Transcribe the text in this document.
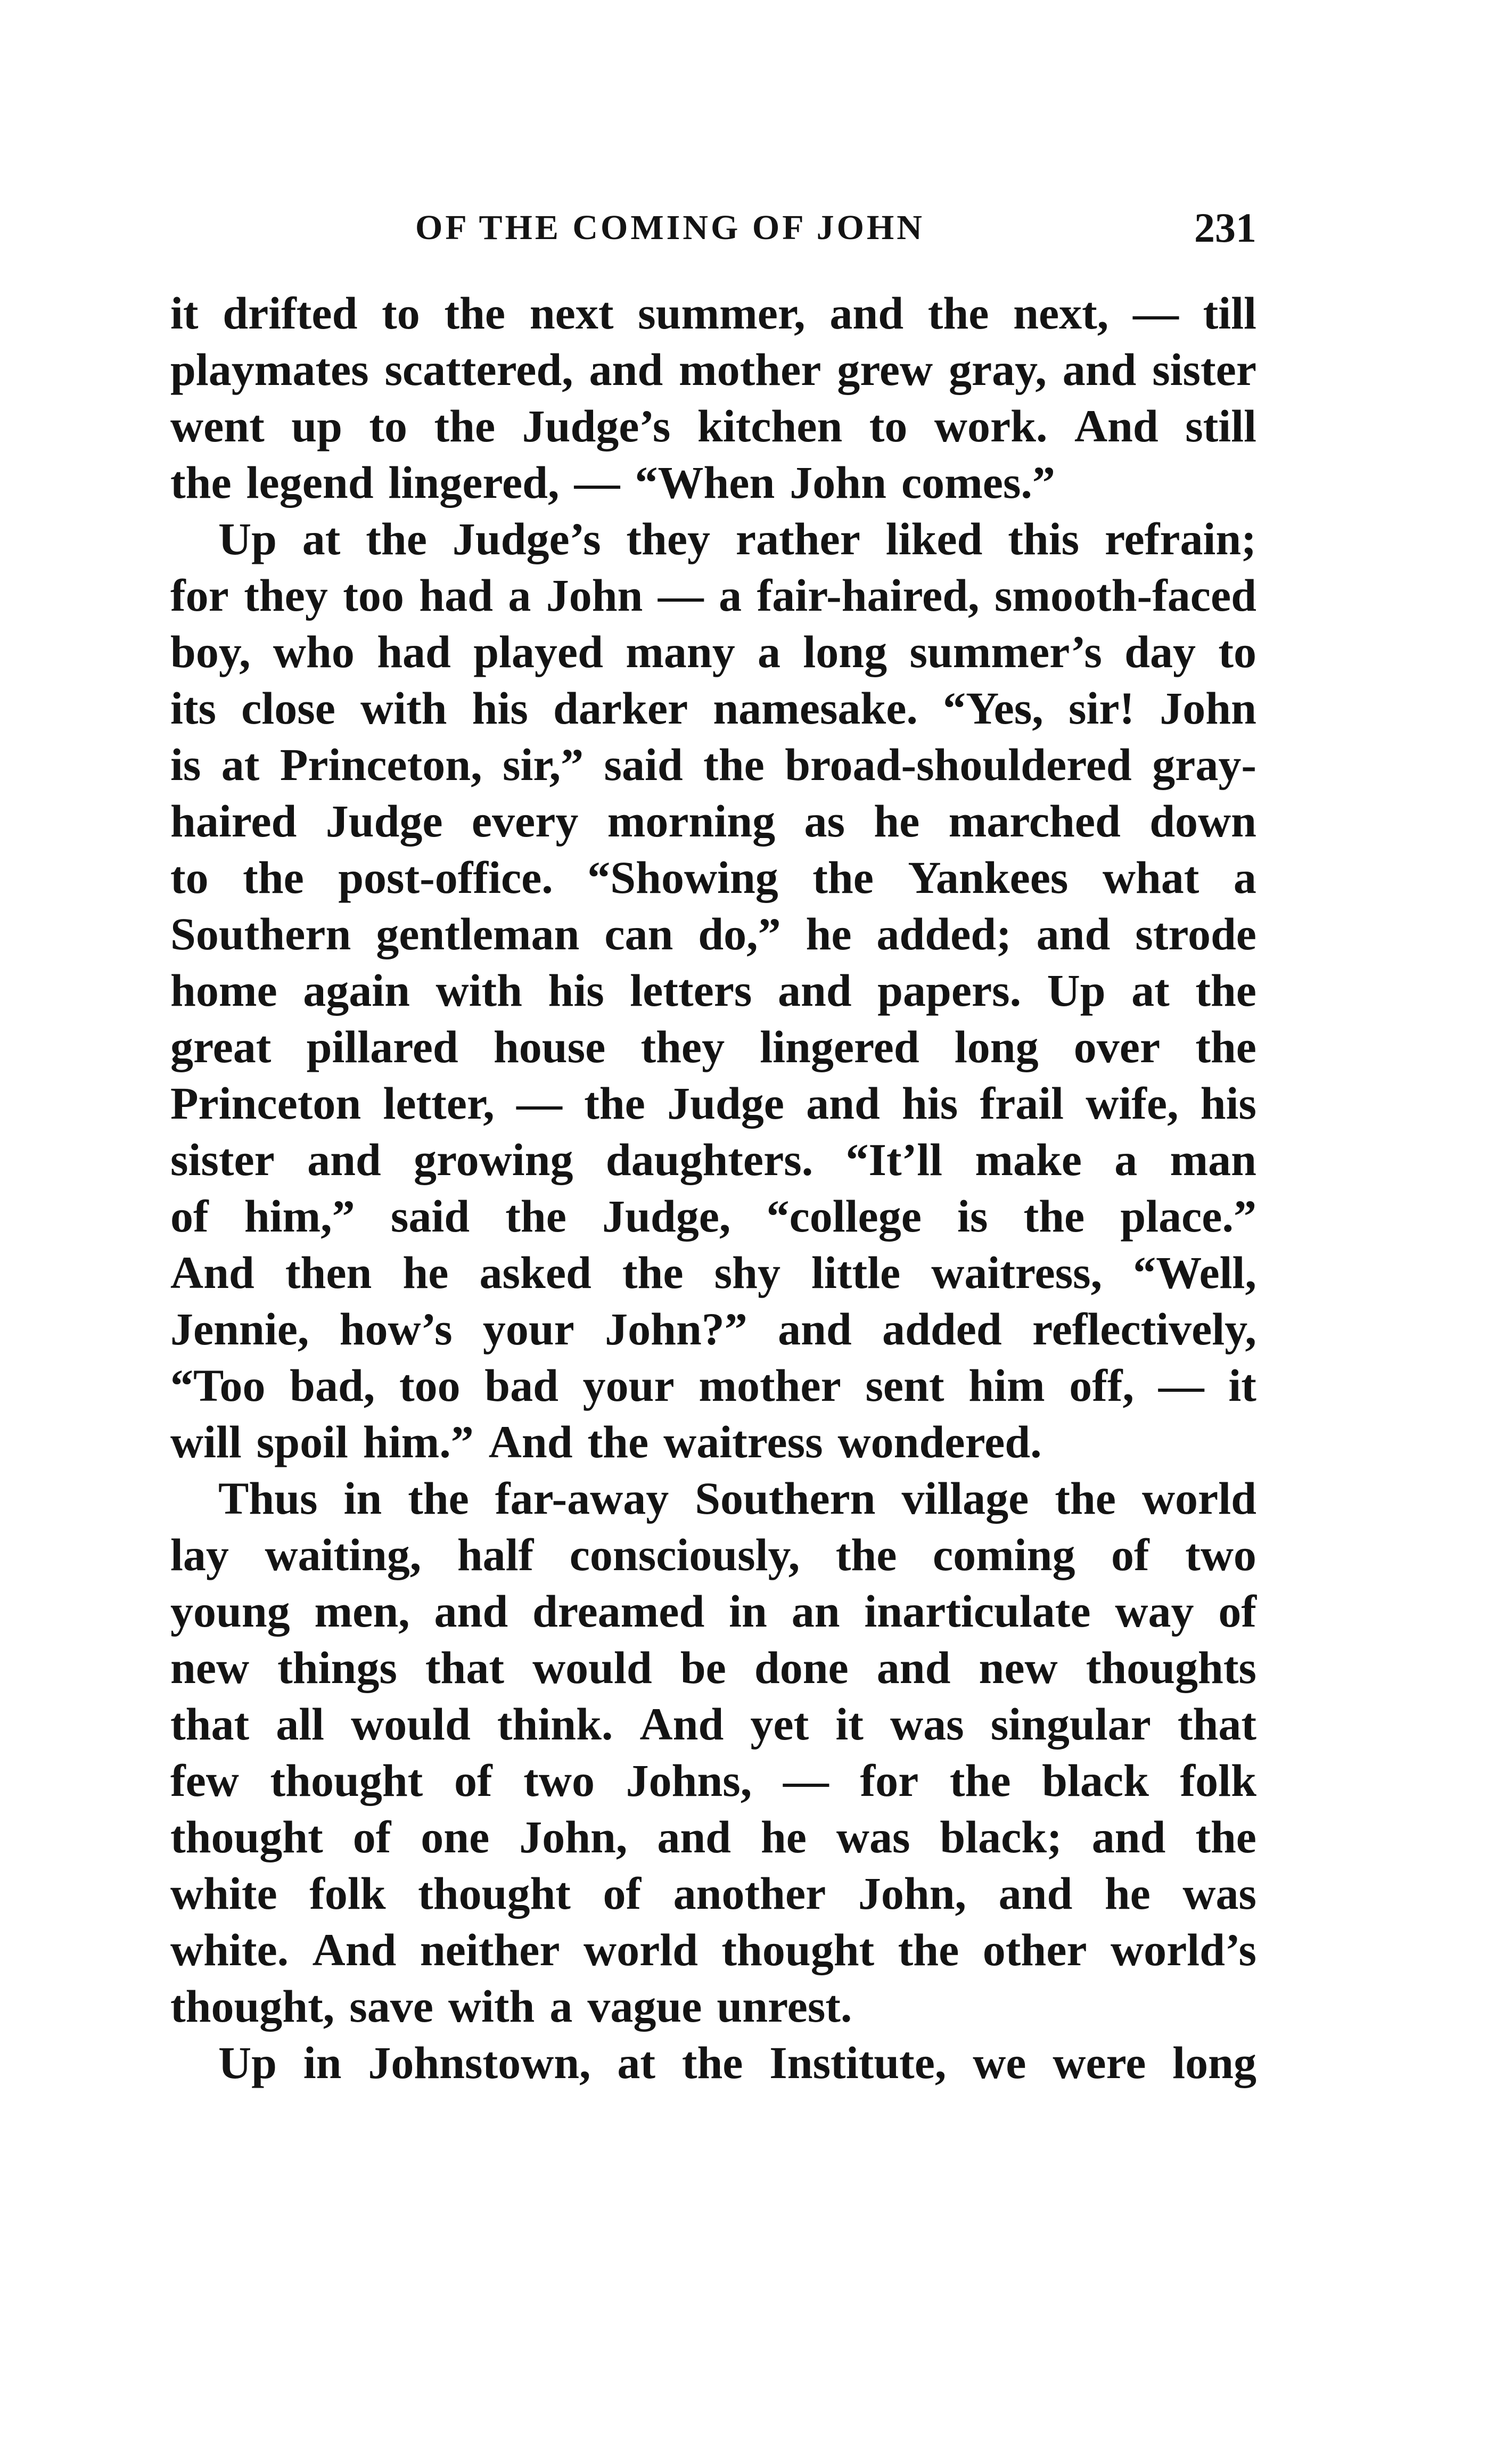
OF THE COMING OF JOHN	231
it drifted to the next summer, and the next, — till
playmates scattered, and mother grew gray, and sister
went up to the Judge’s kitchen to work. And still
the legend lingered, — “When John comes.”
Up at the Judge’s they rather liked this refrain;
for they too had a John — a fair-haired, smooth-faced
boy, who had played many a long summer’s day to
its close with his darker namesake. “Yes, sir! John
is at Princeton, sir,” said the broad-shouldered gray-
haired Judge every morning as he marched down
to the post-office. “Showing the Yankees what a
Southern gentleman can do,” he added; and strode
home again with his letters and papers. Up at the
great pillared house they lingered long over the
Princeton letter, — the Judge and his frail wife, his
sister and growing daughters. “It’ll make a man
of him,” said the Judge, “college is the place.”
And then he asked the shy little waitress, “Well,
Jennie, how’s your John?” and added reflectively,
“Too bad, too bad your mother sent him off, — it
will spoil him.” And the waitress wondered.
Thus in the far-away Southern village the world
lay waiting, half consciously, the coming of two
young men, and dreamed in an inarticulate way of
new things that would be done and new thoughts
that all would think. And yet it was singular that
few thought of two Johns, — for the black folk
thought of one John, and he was black; and the
white folk thought of another John, and he was
white. And neither world thought the other world’s
thought, save with a vague unrest.
Up in Johnstown, at the Institute, we were long
